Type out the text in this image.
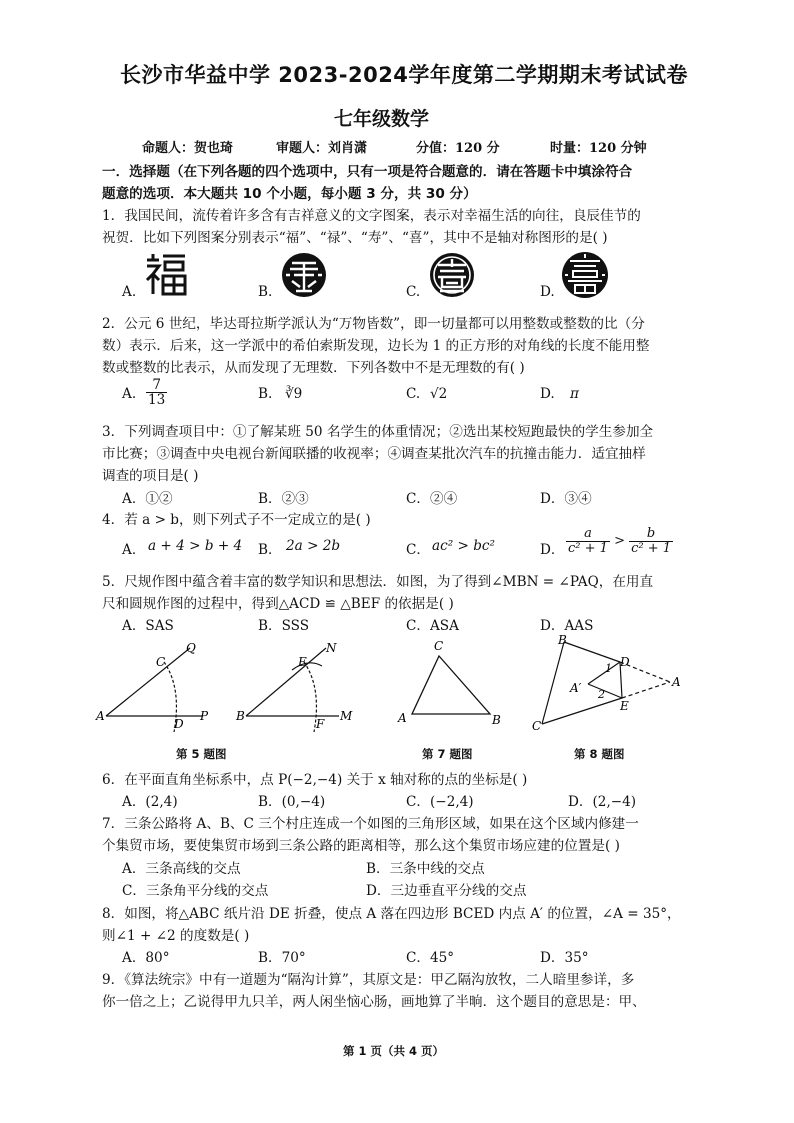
长沙市华益中学 2023-2024学年度第二学期期末考试试卷
七年级数学
命题人：贺也琦	审题人：刘肖潇	分值：120 分	时量：120 分钟
一．选择题（在下列各题的四个选项中，只有一项是符合题意的．请在答题卡中填涂符合
题意的选项．本大题共 10 个小题，每小题 3 分，共 30 分）
1．我国民间，流传着许多含有吉祥意义的文字图案，表示对幸福生活的向往，良辰佳节的
祝贺．比如下列图案分别表示“福”、“禄”、“寿”、“喜”，其中不是轴对称图形的是( )
A.	B.	C.	D.
2．公元 6 世纪，毕达哥拉斯学派认为“万物皆数”，即一切量都可以用整数或整数的比（分
数）表示．后来，这一学派中的希伯索斯发现，边长为 1 的正方形的对角线的长度不能用整
数或整数的比表示，从而发现了无理数．下列各数中不是无理数的有( )
A. $\frac{7}{13}$	B. ∛9	C. √2	D. π
3．下列调查项目中：①了解某班 50 名学生的体重情况；②选出某校短跑最快的学生参加全
市比赛；③调查中央电视台新闻联播的收视率；④调查某批次汽车的抗撞击能力．适宜抽样
调查的项目是( )
A．①②	B．②③	C．②④	D．③④
4．若 a > b，则下列式子不一定成立的是( )
A． a + 4 > b + 4 B． 2a > 2b	C． ac² > bc²	D． $\frac{a}{\text{c² + 1}} > \frac{b}{\text{c² + 1}}$
5．尺规作图中蕴含着丰富的数学知识和思想法．如图，为了得到∠MBN = ∠PAQ，在用直
尺和圆规作图的过程中，得到△ACD ≌ △BEF 的依据是( )
A．SAS	B．SSS	C．ASA	D．AAS
C
Q
A
D
P
E
N
B
F
M
C
A	B
B
D
1
A′ 2
A
E
C
第 5 题图	第 7 题图	第 8 题图
6．在平面直角坐标系中，点 P(−2,−4) 关于 x 轴对称的点的坐标是( )
A．(2,4)	B．(0,−4)	C．(−2,4)	D．(2,−4)
7．三条公路将 A、B、C 三个村庄连成一个如图的三角形区域，如果在这个区域内修建一
个集贸市场，要使集贸市场到三条公路的距离相等，那么这个集贸市场应建的位置是( )
A．三条高线的交点	B．三条中线的交点
C．三条角平分线的交点	D．三边垂直平分线的交点
8．如图，将△ABC 纸片沿 DE 折叠，使点 A 落在四边形 BCED 内点 A′ 的位置，∠A = 35°，
则∠1 + ∠2 的度数是( )
A．80°	B．70°	C．45°	D．35°
9．《算法统宗》中有一道题为“隔沟计算”，其原文是：甲乙隔沟放牧，二人暗里参详，多
你一倍之上；乙说得甲九只羊，两人闲坐恼心肠，画地算了半晌．这个题目的意思是：甲、
第 1 页（共 4 页）
